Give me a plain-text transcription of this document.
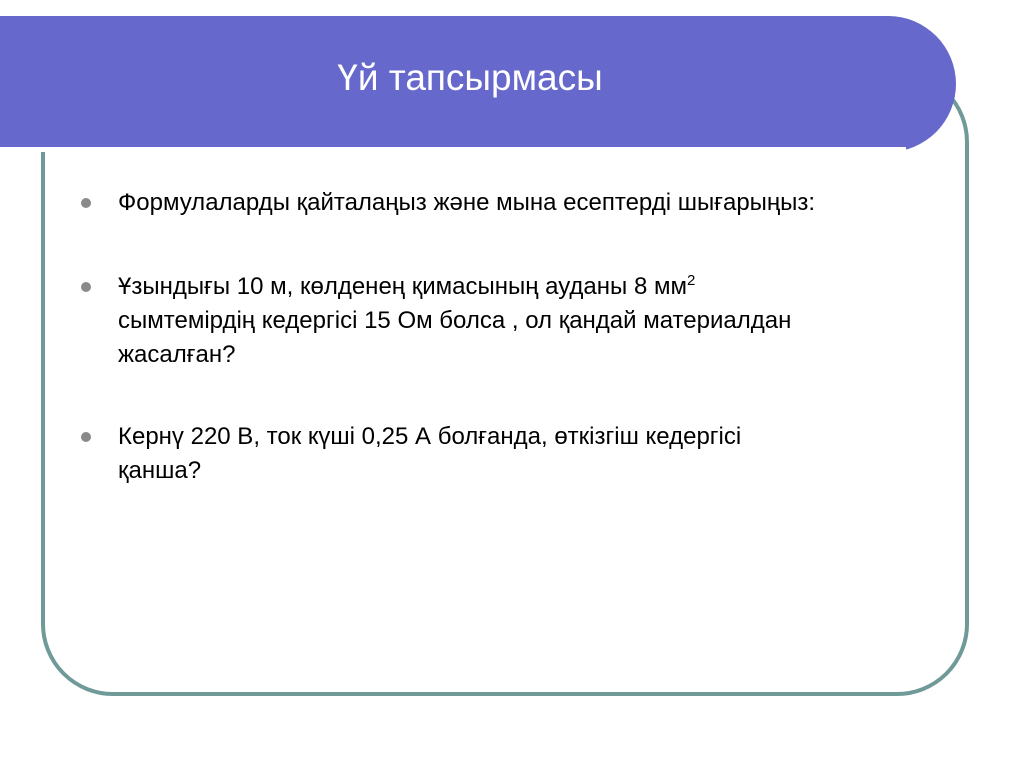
Үй тапсырмасы
Формулаларды қайталаңыз және мына есептерді шығарыңыз:
Ұзындығы 10 м, көлденең қимасының ауданы 8 $мм^2$
сымтемірдің кедергісі 15 Ом болса , ол қандай материалдан
жасалған?
Кернү 220 В, ток күші 0,25 А болғанда, өткізгіш кедергісі
қанша?
